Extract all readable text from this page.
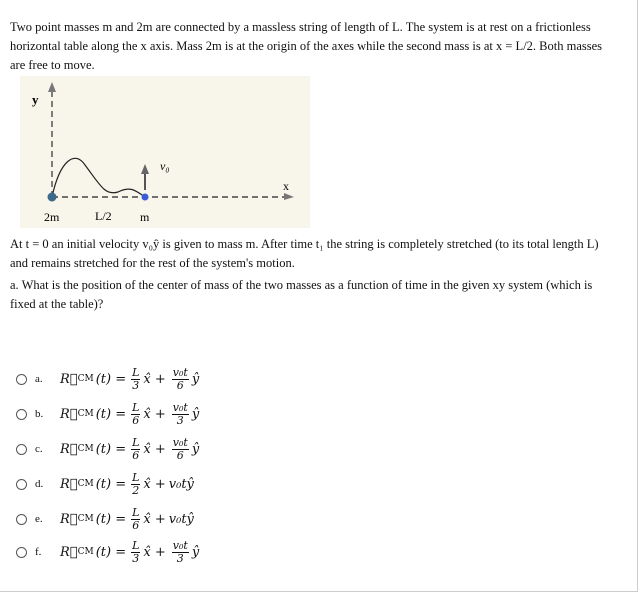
Two point masses m and 2m are connected by a massless string of length of L. The system is at rest on a frictionless horizontal table along the x axis. Mass 2m is at the origin of the axes while the second mass is at x = L/2. Both masses are free to move.
y
x
v₀
2m	L/2 m
At t = 0 an initial velocity v₀ŷ is given to mass m. After time t₁ the string is completely stretched (to its total length L) and remains stretched for the rest of the system's motion.
a. What is the position of the center of mass of the two masses as a function of time in the given xy system (which is fixed at the table)?
a.	R⃗ CM $(t) = \frac{L}{3}$ x̂ + $\frac{\text{v₀t}}{6}$ ŷ
b.	R⃗ CM $(t) = \frac{L}{6}$ x̂ + $\frac{\text{v₀t}}{3}$ ŷ
c.	R⃗ CM $(t) = \frac{L}{6}$ x̂ + $\frac{\text{v₀t}}{6}$ ŷ
d.	R⃗ CM $(t) = \frac{L}{2}$ x̂ + v₀tŷ
e.	R⃗ CM $(t) = \frac{L}{6}$ x̂ + v₀tŷ
f.	R⃗ CM $(t) = \frac{L}{3}$ x̂ + $\frac{\text{v₀t}}{3}$ ŷ
